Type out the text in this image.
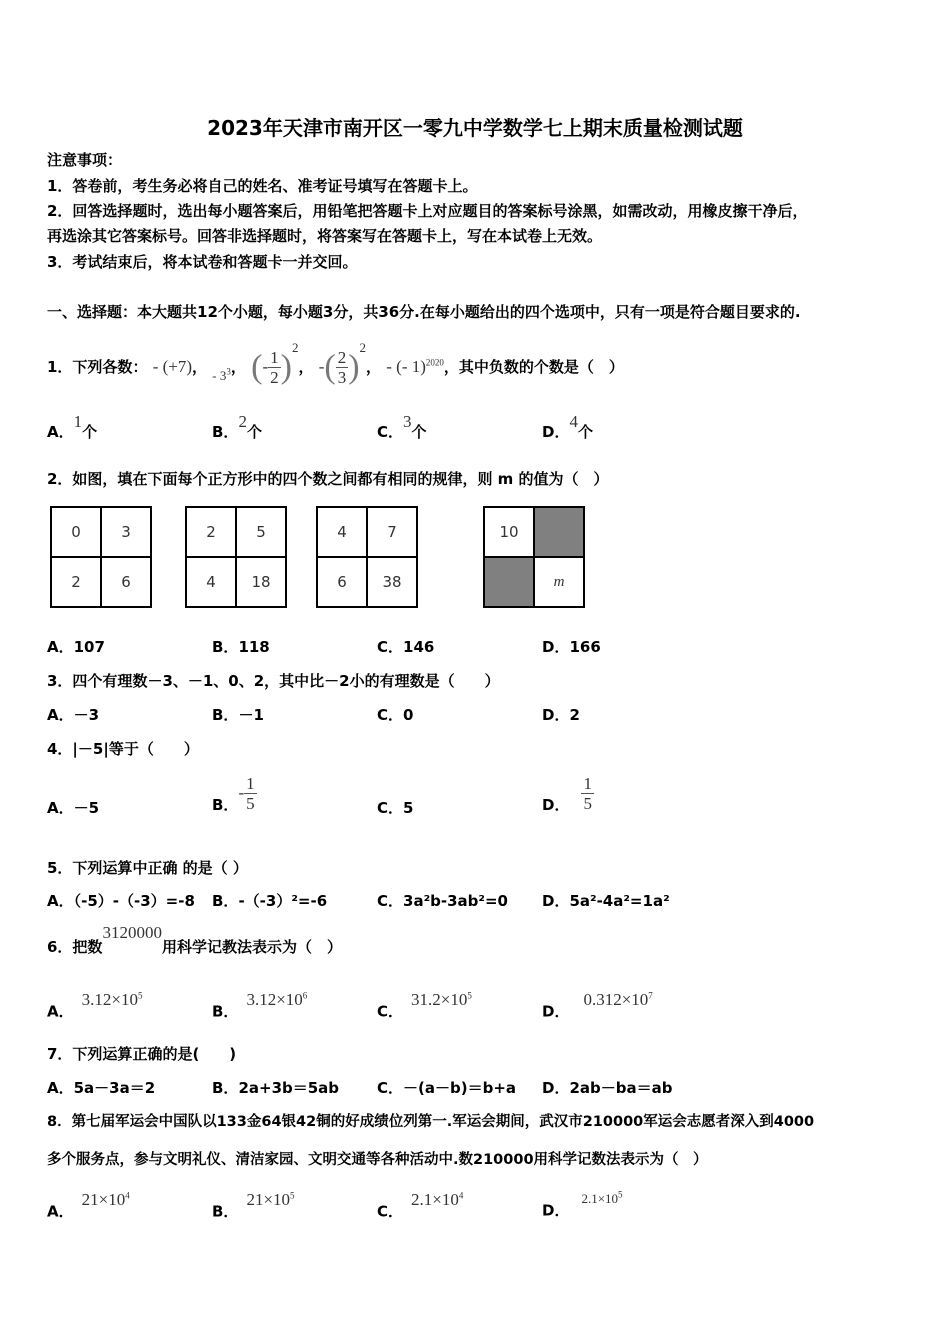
2023年天津市南开区一零九中学数学七上期末质量检测试题
注意事项：
1．答卷前，考生务必将自己的姓名、准考证号填写在答题卡上。
2．回答选择题时，选出每小题答案后，用铅笔把答题卡上对应题目的答案标号涂黑，如需改动，用橡皮擦干净后，
再选涂其它答案标号。回答非选择题时，将答案写在答题卡上，写在本试卷上无效。
3．考试结束后，将本试卷和答题卡一并交回。
一、选择题：本大题共12个小题，每小题3分，共36分.在每小题给出的四个选项中，只有一项是符合题目要求的.
1．下列各数： - (+7)， - $3^3$， (- $\frac{1}{2} )^2$， -( $\frac{2}{3} )^2$， - (- 1)$^{2020}$，其中负数的个数是（　）
A．1个	B．2个	C．3个	D．4个
2．如图，填在下面每个正方形中的四个数之间都有相同的规律，则 m 的值为（　）
0	3
2	6
2	5
4	18
4	7
6	38
10
m
A．107	B．118	C．146	D．166
3．四个有理数－3、－1、0、2，其中比－2小的有理数是（　　）
A．－3	B．－1	C．0	D．2
4．|－5|等于（　　）
A．－5	B．- $\frac{1}{5}$	C．5	D． $\frac{1}{5}$
5．下列运算中正确 的是（ ）
A．（-5）-（-3）=-8 B．-（-3）²=-6	C．3a²b-3ab²=0 D．5a²-4a²=1a²
6．把数3120000用科学记教法表示为（　）
A．$3.12\times 10^5$
B．$3.12\times 10^6$
C．$31.2\times 10^5$
D．$0.312\times 10^7$
7．下列运算正确的是(　　)
A．5a－3a＝2	B．2a+3b＝5ab	C．－(a－b)＝b+a D．2ab－ba＝ab
8．第七届军运会中国队以133金64银42铜的好成绩位列第一.军运会期间，武汉市210000军运会志愿者深入到4000
多个服务点，参与文明礼仪、清洁家园、文明交通等各种活动中.数210000用科学记数法表示为（　）
A．$21\times 10^4$
B．$21\times 10^5$
C．$2.1\times 10^4$
D．$2.1\times 10^5$
